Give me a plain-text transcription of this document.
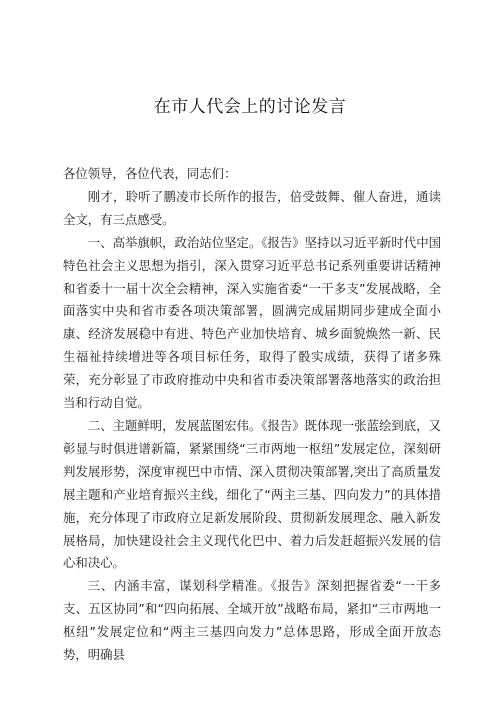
在市人代会上的讨论发言

各位领导，各位代表，同志们：

刚才，聆听了鹏凌市长所作的报告，倍受鼓舞、催人奋进，通读全文，有三点感受。

一、高举旗帜，政治站位坚定。《报告》坚持以习近平新时代中国特色社会主义思想为指引，深入贯穿习近平总书记系列重要讲话精神和省委十一届十次全会精神，深入实施省委“一干多支”发展战略，全面落实中央和省市委各项决策部署，圆满完成届期同步建成全面小康、经济发展稳中有进、特色产业加快培育、城乡面貌焕然一新、民生福祉持续增进等各项目标任务，取得了骰实成绩，获得了诸多殊荣，充分彰显了市政府推动中央和省市委决策部署落地落实的政治担当和行动自觉。

二、主题鲜明，发展蓝图宏伟。《报告》既体现一张蓝绘到底，又彰显与时俱进谱新篇，紧紧围绕“三市两地一枢纽”发展定位，深刻研判发展形势，深度审视巴中市情、深入贯彻决策部署,突出了高质量发展主题和产业培育振兴主线，细化了“两主三基、四向发力”的具体措施，充分体现了市政府立足新发展阶段、贯彻新发展理念、融入新发展格局，加快建设社会主义现代化巴中、着力后发赶超振兴发展的信心和决心。

三、内涵丰富，谋划科学精准。《报告》深刻把握省委“一干多支、五区协同”和“四向拓展、全域开放”战略布局，紧扣“三市两地一枢纽”发展定位和“两主三基四向发力”总体思路，形成全面开放态势，明确县
